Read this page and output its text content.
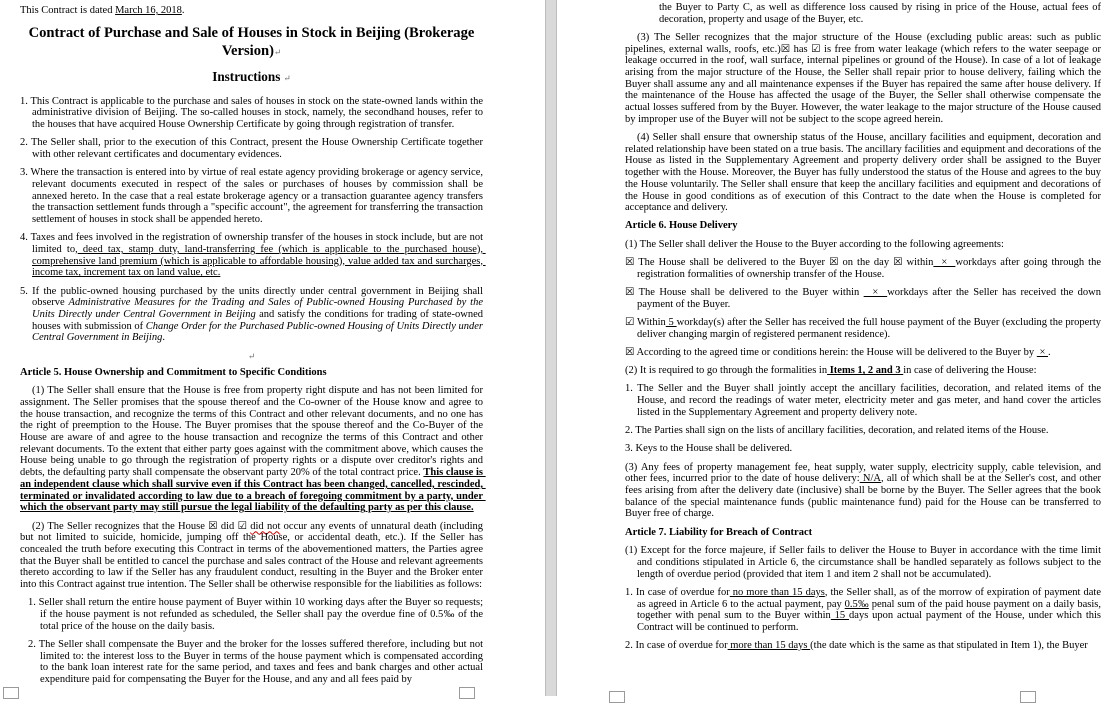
This Contract is dated March 16, 2018.
Contract of Purchase and Sale of Houses in Stock in Beijing (Brokerage Version)↵
Instructions ↵
1. This Contract is applicable to the purchase and sales of houses in stock on the state-owned lands within the administrative division of Beijing. The so-called houses in stock, namely, the secondhand houses, refer to the houses that have acquired House Ownership Certificate by going through registration of transfer.
2. The Seller shall, prior to the execution of this Contract, present the House Ownership Certificate together with other relevant certificates and documentary evidences.
3. Where the transaction is entered into by virtue of real estate agency providing brokerage or agency service, relevant documents executed in respect of the sales or purchases of houses by commission shall be annexed hereto. In the case that a real estate brokerage agency or a transaction guarantee agency transfers the transaction settlement funds through a "specific account", the agreement for transferring the transaction settlement of houses in stock shall be appended hereto.
4. Taxes and fees involved in the registration of ownership transfer of the houses in stock include, but are not limited to, deed tax, stamp duty, land-transferring fee (which is applicable to the purchased house), comprehensive land premium (which is applicable to affordable housing), value added tax and surcharges, income tax, increment tax on land value, etc.
5. If the public-owned housing purchased by the units directly under central government in Beijing shall observe Administrative Measures for the Trading and Sales of Public-owned Housing Purchased by the Units Directly under Central Government in Beijing and satisfy the conditions for trading of state-owned houses with submission of Change Order for the Purchased Public-owned Housing of Units Directly under Central Government in Beijing.
↵
Article 5. House Ownership and Commitment to Specific Conditions
(1) The Seller shall ensure that the House is free from property right dispute and has not been limited for assignment. The Seller promises that the spouse thereof and the Co-owner of the House know and agree to the house transaction, and recognize the terms of this Contract and other relevant documents, and no one has the right of preemption to the House. The Buyer promises that the spouse thereof and the Co-Buyer of the House are aware of and agree to the house transaction and recognize the terms of this Contract and other relevant documents. To the extent that either party goes against with the commitment above, which causes the House being unable to go through the registration of property rights or a dispute over creditor's rights and debts, the defaulting party shall compensate the observant party 20% of the total contract price. This clause is an independent clause which shall survive even if this Contract has been changed, cancelled, rescinded, terminated or invalidated according to law due to a breach of foregoing commitment by a party, under which the observant party may still pursue the legal liability of the defaulting party as per this clause.
(2) The Seller recognizes that the House ☒ did ☑ did not occur any events of unnatural death (including but not limited to suicide, homicide, jumping off the House, or accidental death, etc.). If the Seller has concealed the truth before executing this Contract in terms of the abovementioned matters, the Parties agree that the Buyer shall be entitled to cancel the purchase and sales contract of the House and relevant agreements thereto according to law if the Seller has any fraudulent conduct, resulting in the Buyer and the Broker enter into this Contract against true intention. The Seller shall be otherwise responsible for the liabilities as follows:
1. Seller shall return the entire house payment of Buyer within 10 working days after the Buyer so requests; if the house payment is not refunded as scheduled, the Seller shall pay the overdue fine of 0.5‰ of the total price of the house on the daily basis.
2. The Seller shall compensate the Buyer and the broker for the losses suffered therefore, including but not limited to: the interest loss to the Buyer in terms of the house payment which is compensated according to the bank loan interest rate for the same period, and taxes and fees and bank charges and other actual expenditure paid for compensating the Buyer for the House, and any and all fees paid by
the Buyer to Party C, as well as difference loss caused by rising in price of the House, actual fees of decoration, property and usage of the Buyer, etc.
(3) The Seller recognizes that the major structure of the House (excluding public areas: such as public pipelines, external walls, roofs, etc.)☒ has ☑ is free from water leakage (which refers to the water seepage or leakage occurred in the roof, wall surface, internal pipelines or ground of the House). In case of a lot of leakage arising from the major structure of the House, the Seller shall repair prior to house delivery, failing which the Buyer shall assume any and all maintenance expenses if the Buyer has repaired the same after house delivery. If the maintenance of the House has affected the usage of the Buyer, the Seller shall otherwise compensate the actual losses suffered from by the Buyer. However, the water leakage to the major structure of the House caused by improper use of the Buyer will not be subject to the scope agreed herein.
(4) Seller shall ensure that ownership status of the House, ancillary facilities and equipment, decoration and related relationship have been stated on a true basis. The ancillary facilities and equipment and decorations of the House as listed in the Supplementary Agreement and property delivery order shall be assigned to the Buyer together with the House. Moreover, the Buyer has fully understood the status of the House and agrees to the buy the House voluntarily. The Seller shall ensure that keep the ancillary facilities and equipment and decorations of the House in good conditions as of execution of this Contract to the date when the House is completed for acceptance and delivery.
Article 6. House Delivery
(1) The Seller shall deliver the House to the Buyer according to the following agreements:
☒ The House shall be delivered to the Buyer ☒ on the day ☒ within  ×  workdays after going through the registration formalities of ownership transfer of the House.
☒ The House shall be delivered to the Buyer within   ×  workdays after the Seller has received the down payment of the Buyer.
☑ Within 5 workday(s) after the Seller has received the full house payment of the Buyer (excluding the property deliver changing margin of registered permanent residence).
☒ According to the agreed time or conditions herein: the House will be delivered to the Buyer by  × .
(2) It is required to go through the formalities in Items 1, 2 and 3 in case of delivering the House:
1. The Seller and the Buyer shall jointly accept the ancillary facilities, decoration, and related items of the House, and record the readings of water meter, electricity meter and gas meter, and hand cover the articles listed in the Supplementary Agreement and property delivery note.
2. The Parties shall sign on the lists of ancillary facilities, decoration, and related items of the House.
3. Keys to the House shall be delivered.
(3) Any fees of property management fee, heat supply, water supply, electricity supply, cable television, and other fees, incurred prior to the date of house delivery: N/A, all of which shall be at the Seller's cost, and other fees arising from after the delivery date (inclusive) shall be borne by the Buyer. The Seller agrees that the book balance of the special maintenance funds (public maintenance fund) paid for the House can be transferred to Buyer free of charge.
Article 7. Liability for Breach of Contract
(1) Except for the force majeure, if Seller fails to deliver the House to Buyer in accordance with the time limit and conditions stipulated in Article 6, the circumstance shall be handled separately as follows subject to the length of overdue period (provided that item 1 and item 2 shall not be accumulated).
1. In case of overdue for no more than 15 days, the Seller shall, as of the morrow of expiration of payment date as agreed in Article 6 to the actual payment, pay 0.5‰ penal sum of the paid house payment on a daily basis, together with penal sum to the Buyer within 15 days upon actual payment of the House, under which this Contract will be continued to perform.
2. In case of overdue for more than 15 days (the date which is the same as that stipulated in Item 1), the Buyer
